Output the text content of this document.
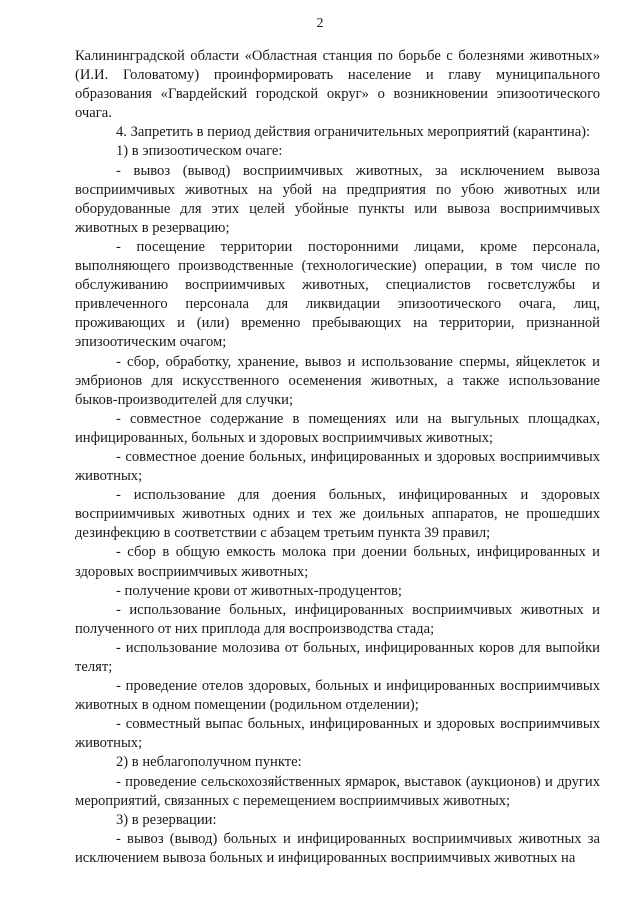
2

Калининградской области «Областная станция по борьбе с болезнями животных» (И.И. Головатому) проинформировать население и главу муниципального образования «Гвардейский городской округ» о возникновении эпизоотического очага.

4. Запретить в период действия ограничительных мероприятий (карантина):

1) в эпизоотическом очаге:

- вывоз (вывод) восприимчивых животных, за исключением вывоза восприимчивых животных на убой на предприятия по убою животных или оборудованные для этих целей убойные пункты или вывоза восприимчивых животных в резервацию;

- посещение территории посторонними лицами, кроме персонала, выполняющего производственные (технологические) операции, в том числе по обслуживанию восприимчивых животных, специалистов госветслужбы и привлеченного персонала для ликвидации эпизоотического очага, лиц, проживающих и (или) временно пребывающих на территории, признанной эпизоотическим очагом;

- сбор, обработку, хранение, вывоз и использование спермы, яйцеклеток и эмбрионов для искусственного осеменения животных, а также использование быков-производителей для случки;

- совместное содержание в помещениях или на выгульных площадках, инфицированных, больных и здоровых восприимчивых животных;

- совместное доение больных, инфицированных и здоровых восприимчивых животных;

- использование для доения больных, инфицированных и здоровых восприимчивых животных одних и тех же доильных аппаратов, не прошедших дезинфекцию в соответствии с абзацем третьим пункта 39 правил;

- сбор в общую емкость молока при доении больных, инфицированных и здоровых восприимчивых животных;

- получение крови от животных-продуцентов;

- использование больных, инфицированных восприимчивых животных и полученного от них приплода для воспроизводства стада;

- использование молозива от больных, инфицированных коров для выпойки телят;

- проведение отелов здоровых, больных и инфицированных восприимчивых животных в одном помещении (родильном отделении);

- совместный выпас больных, инфицированных и здоровых восприимчивых животных;

2) в неблагополучном пункте:

- проведение сельскохозяйственных ярмарок, выставок (аукционов) и других мероприятий, связанных с перемещением восприимчивых животных;

3) в резервации:

- вывоз (вывод) больных и инфицированных восприимчивых животных за исключением вывоза больных и инфицированных восприимчивых животных на
